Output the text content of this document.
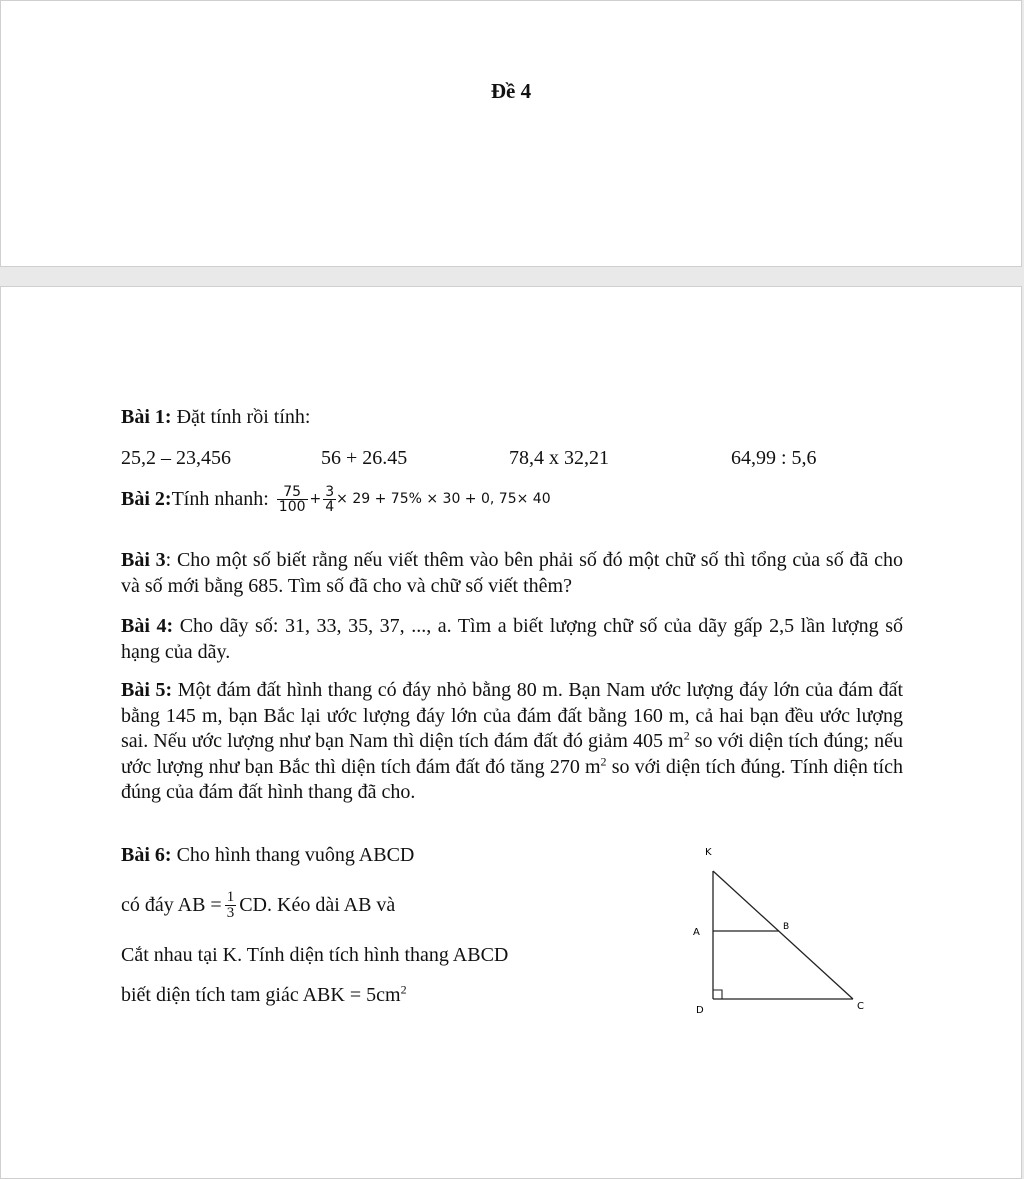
Đề 4
Bài 1: Đặt tính rồi tính:
25,2 – 23,456	56 + 26.45	78,4 x 32,21	64,99 : 5,6
Bài 2: Tính nhanh: $\frac{75}{100} + \frac{3}{4} \times 29 + 75\% \times 30 + 0$, 75× 40
Bài 3: Cho một số biết rằng nếu viết thêm vào bên phải số đó một chữ số thì tổng của số đã cho và số mới bằng 685. Tìm số đã cho và chữ số viết thêm?
Bài 4: Cho dãy số: 31, 33, 35, 37, ..., a. Tìm a biết lượng chữ số của dãy gấp 2,5 lần lượng số hạng của dãy.
Bài 5: Một đám đất hình thang có đáy nhỏ bằng 80 m. Bạn Nam ước lượng đáy lớn của đám đất bằng 145 m, bạn Bắc lại ước lượng đáy lớn của đám đất bằng 160 m, cả hai bạn đều ước lượng sai. Nếu ước lượng như bạn Nam thì diện tích đám đất đó giảm 405 $m^2$ so với diện tích đúng; nếu ước lượng như bạn Bắc thì diện tích đám đất đó tăng 270 $m^2$ so với diện tích đúng. Tính diện tích đúng của đám đất hình thang đã cho.
Bài 6: Cho hình thang vuông ABCD
có đáy AB = $\frac{1}{3}$ CD. Kéo dài AB và
Cắt nhau tại K. Tính diện tích hình thang ABCD
biết diện tích tam giác ABK = $5cm^2$
K
A	B
D	C
